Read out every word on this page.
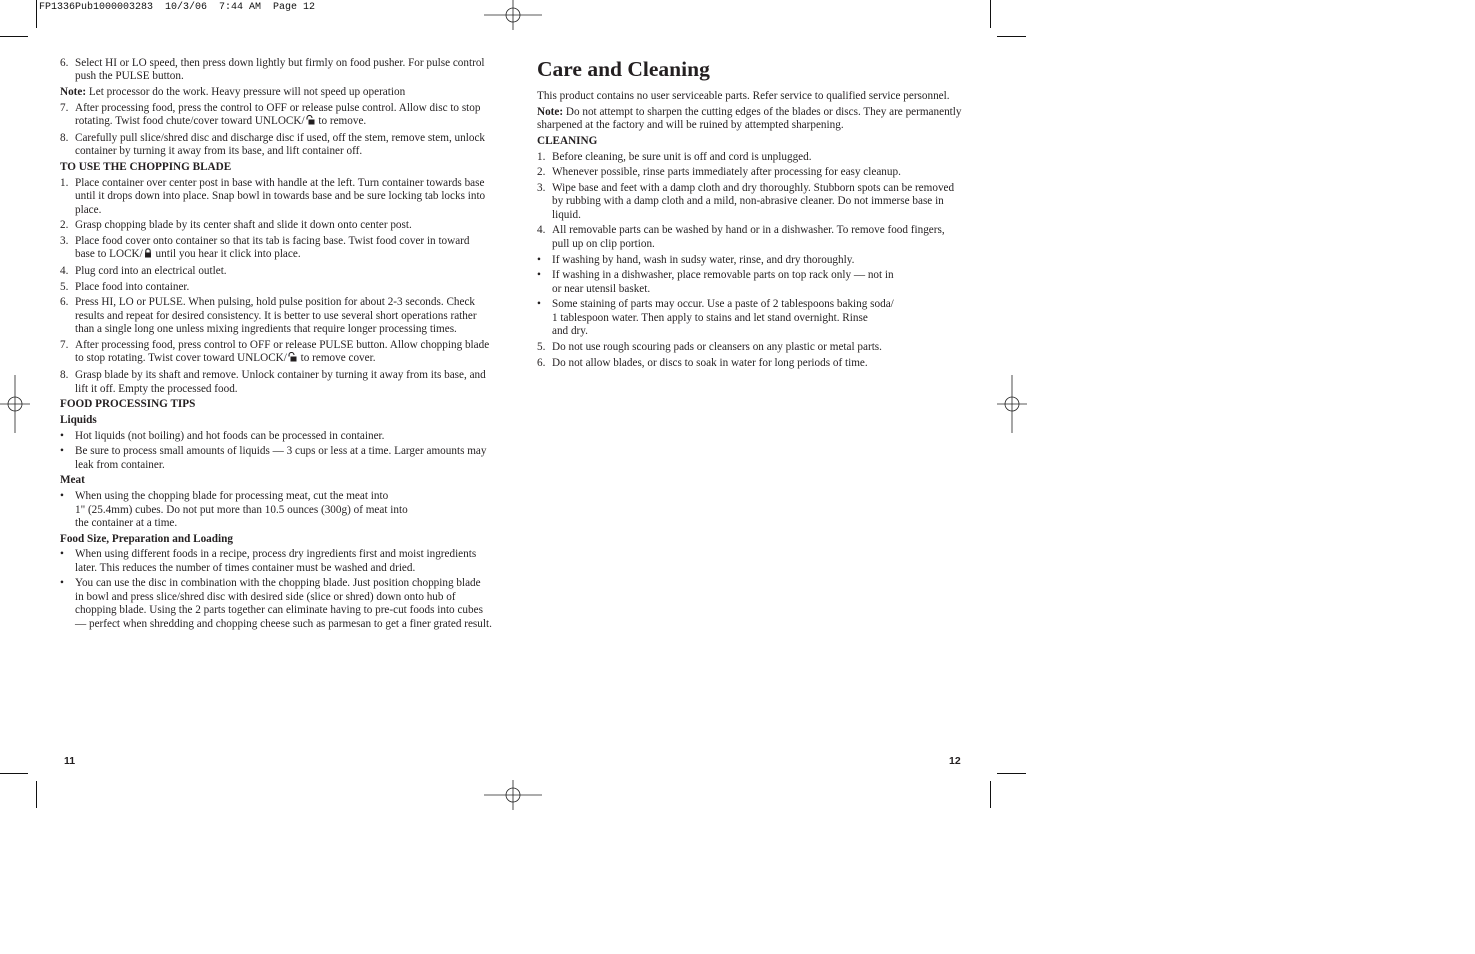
FP1336Pub1000003283  10/3/06  7:44 AM  Page 12
6. Select HI or LO speed, then press down lightly but firmly on food pusher. For pulse control push the PULSE button.
Note: Let processor do the work. Heavy pressure will not speed up operation
7. After processing food, press the control to OFF or release pulse control. Allow disc to stop rotating. Twist food chute/cover toward UNLOCK/ to remove.
8. Carefully pull slice/shred disc and discharge disc if used, off the stem, remove stem, unlock container by turning it away from its base, and lift container off.
TO USE THE CHOPPING BLADE
1. Place container over center post in base with handle at the left. Turn container towards base until it drops down into place. Snap bowl in towards base and be sure locking tab locks into place.
2. Grasp chopping blade by its center shaft and slide it down onto center post.
3. Place food cover onto container so that its tab is facing base. Twist food cover in toward base to LOCK/ until you hear it click into place.
4. Plug cord into an electrical outlet.
5. Place food into container.
6. Press HI, LO or PULSE. When pulsing, hold pulse position for about 2-3 seconds. Check results and repeat for desired consistency. It is better to use several short operations rather than a single long one unless mixing ingredients that require longer processing times.
7. After processing food, press control to OFF or release PULSE button. Allow chopping blade to stop rotating. Twist cover toward UNLOCK/ to remove cover.
8. Grasp blade by its shaft and remove. Unlock container by turning it away from its base, and lift it off. Empty the processed food.
FOOD PROCESSING TIPS
Liquids
• Hot liquids (not boiling) and hot foods can be processed in container.
• Be sure to process small amounts of liquids — 3 cups or less at a time. Larger amounts may leak from container.
Meat
• When using the chopping blade for processing meat, cut the meat into
1" (25.4mm) cubes. Do not put more than 10.5 ounces (300g) of meat into
the container at a time.
Food Size, Preparation and Loading
• When using different foods in a recipe, process dry ingredients first and moist ingredients later. This reduces the number of times container must be washed and dried.
• You can use the disc in combination with the chopping blade. Just position chopping blade in bowl and press slice/shred disc with desired side (slice or shred) down onto hub of chopping blade. Using the 2 parts together can eliminate having to pre-cut foods into cubes — perfect when shredding and chopping cheese such as parmesan to get a finer grated result.
11
Care and Cleaning
This product contains no user serviceable parts. Refer service to qualified service personnel.
Note: Do not attempt to sharpen the cutting edges of the blades or discs. They are permanently sharpened at the factory and will be ruined by attempted sharpening.
CLEANING
1. Before cleaning, be sure unit is off and cord is unplugged.
2. Whenever possible, rinse parts immediately after processing for easy cleanup.
3. Wipe base and feet with a damp cloth and dry thoroughly. Stubborn spots can be removed by rubbing with a damp cloth and a mild, non-abrasive cleaner. Do not immerse base in liquid.
4. All removable parts can be washed by hand or in a dishwasher. To remove food fingers, pull up on clip portion.
• If washing by hand, wash in sudsy water, rinse, and dry thoroughly.
• If washing in a dishwasher, place removable parts on top rack only — not in
or near utensil basket.
• Some staining of parts may occur. Use a paste of 2 tablespoons baking soda/
1 tablespoon water. Then apply to stains and let stand overnight. Rinse
and dry.
5. Do not use rough scouring pads or cleansers on any plastic or metal parts.
6. Do not allow blades, or discs to soak in water for long periods of time.
12
